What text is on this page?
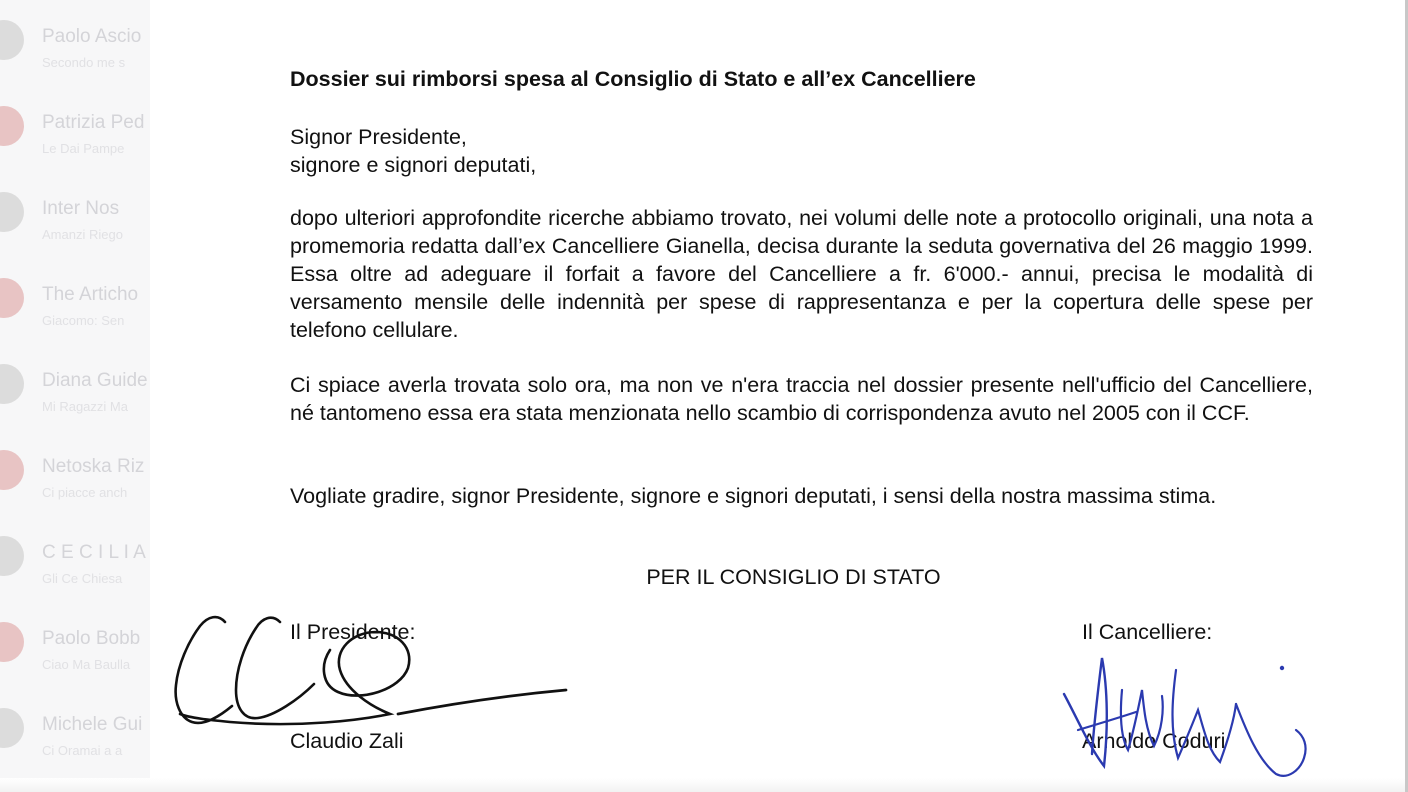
Paolo Ascio
Secondo me s
Patrizia Ped
Le Dai Pampe
Inter Nos
Amanzi Riego
The Articho
Giacomo: Sen
Diana Guide
Mi Ragazzi Ma
Netoska Riz
Ci piacce anch
C E C I L I A
Gli Ce Chiesa
Paolo Bobb
Ciao Ma Baulla
Michele Gui
Ci Oramai a a
Dossier sui rimborsi spesa al Consiglio di Stato e all’ex Cancelliere
Signor Presidente,
signore e signori deputati,
dopo ulteriori approfondite ricerche abbiamo trovato, nei volumi delle note a protocollo originali, una nota a promemoria redatta dall’ex Cancelliere Gianella, decisa durante la seduta governativa del 26 maggio 1999. Essa oltre ad adeguare il forfait a favore del Cancelliere a fr. 6'000.- annui, precisa le modalità di versamento mensile delle indennità per spese di rappresentanza e per la copertura delle spese per telefono cellulare.
Ci spiace averla trovata solo ora, ma non ve n'era traccia nel dossier presente nell'ufficio del Cancelliere, né tantomeno essa era stata menzionata nello scambio di corrispondenza avuto nel 2005 con il CCF.
Vogliate gradire, signor Presidente, signore e signori deputati, i sensi della nostra massima stima.
PER IL CONSIGLIO DI STATO
Il Presidente:
Claudio Zali
Il Cancelliere:
Arnoldo Coduri
